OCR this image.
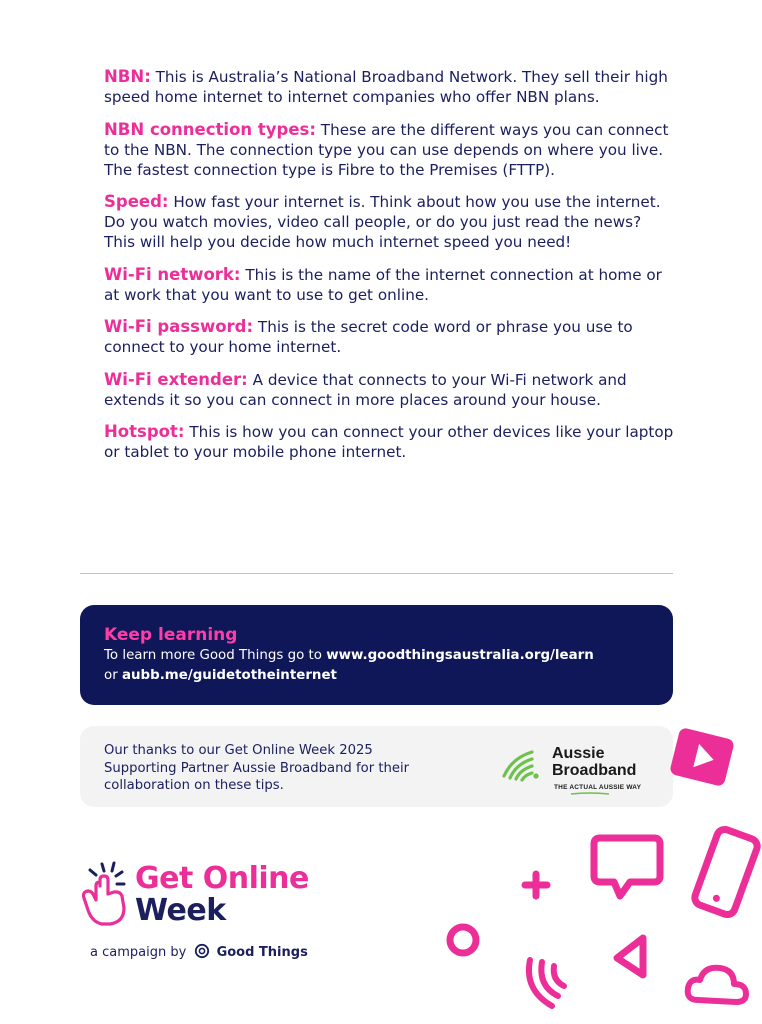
NBN: This is Australia’s National Broadband Network. They sell their high speed home internet to internet companies who offer NBN plans.

NBN connection types: These are the different ways you can connect to the NBN. The connection type you can use depends on where you live. The fastest connection type is Fibre to the Premises (FTTP).

Speed: How fast your internet is. Think about how you use the internet. Do you watch movies, video call people, or do you just read the news? This will help you decide how much internet speed you need!

Wi-Fi network: This is the name of the internet connection at home or at work that you want to use to get online.

Wi-Fi password: This is the secret code word or phrase you use to connect to your home internet.

Wi-Fi extender: A device that connects to your Wi-Fi network and extends it so you can connect in more places around your house.

Hotspot: This is how you can connect your other devices like your laptop or tablet to your mobile phone internet.

Keep learning
To learn more Good Things go to www.goodthingsaustralia.org/learn
or aubb.me/guidetotheinternet
Our thanks to our Get Online Week 2025 Supporting Partner Aussie Broadband for their collaboration on these tips.
Aussie
Broadband
THE ACTUAL AUSSIE WAY
Get Online
Week
a campaign by Good Things
